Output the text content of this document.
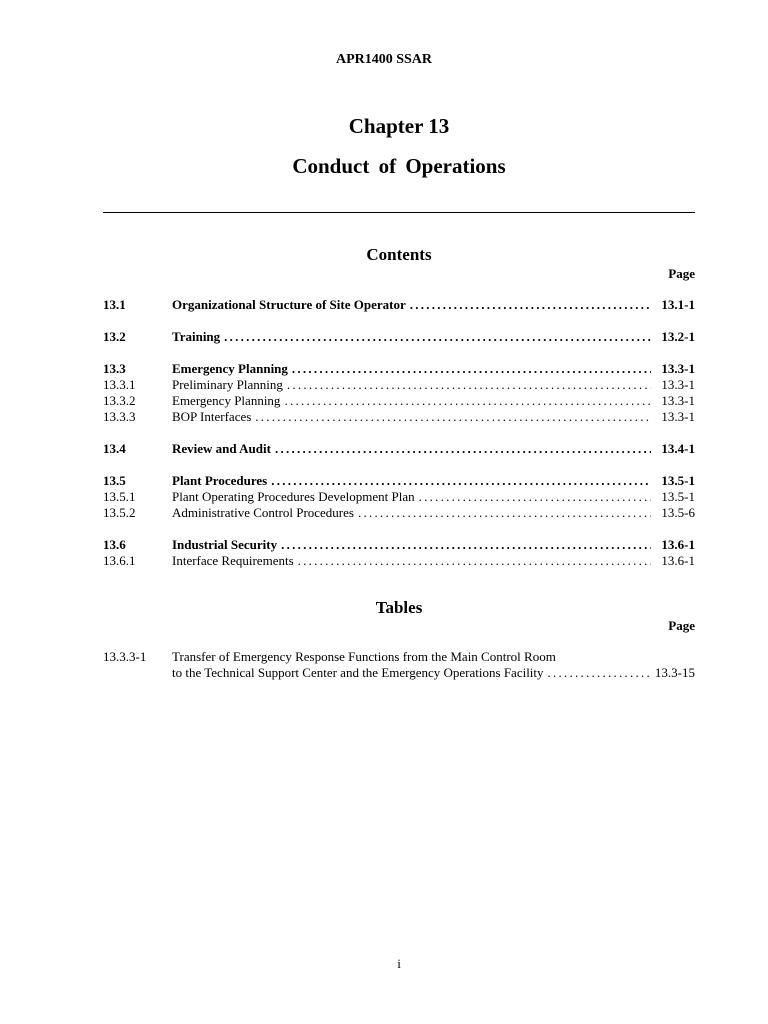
APR1400 SSAR
Chapter 13
Conduct of Operations
Contents
Page
13.1	Organizational Structure of Site Operator . . .	13.1-1
13.2	Training . . .	13.2-1
13.3	Emergency Planning . . .	13.3-1
13.3.1	Preliminary Planning . . .	13.3-1
13.3.2	Emergency Planning . . .	13.3-1
13.3.3	BOP Interfaces . . .	13.3-1
13.4	Review and Audit . . .	13.4-1
13.5	Plant Procedures . . .	13.5-1
13.5.1	Plant Operating Procedures Development Plan . . .	13.5-1
13.5.2	Administrative Control Procedures . . .	13.5-6
13.6	Industrial Security . . .	13.6-1
13.6.1	Interface Requirements . . .	13.6-1
Tables
Page
13.3.3-1	Transfer of Emergency Response Functions from the Main Control Room
to the Technical Support Center and the Emergency Operations Facility . . .	13.3-15
i
